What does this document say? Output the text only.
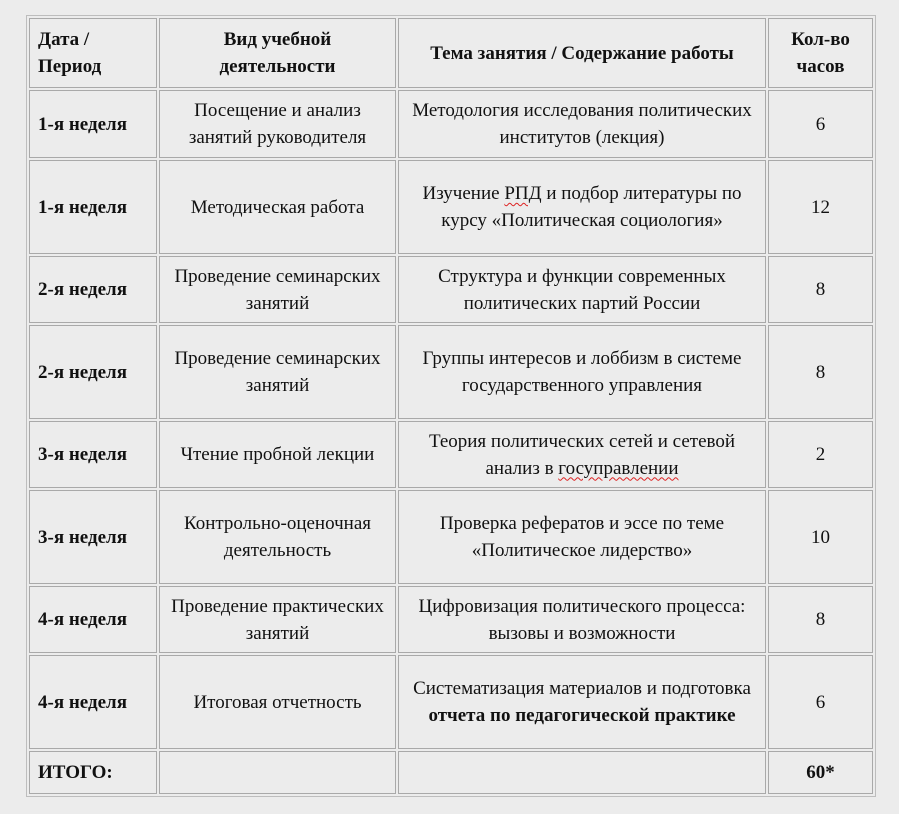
Дата / Период	Вид учебной деятельности	Тема занятия / Содержание работы	Кол-во часов
1-я неделя	Посещение и анализ занятий руководителя	Методология исследования политических институтов (лекция)	6
1-я неделя	Методическая работа	Изучение РПД и подбор литературы по курсу «Политическая социология»	12
2-я неделя	Проведение семинарских занятий	Структура и функции современных политических партий России	8
2-я неделя	Проведение семинарских занятий	Группы интересов и лоббизм в системе государственного управления	8
3-я неделя	Чтение пробной лекции	Теория политических сетей и сетевой анализ в госуправлении	2
3-я неделя	Контрольно-оценочная деятельность	Проверка рефератов и эссе по теме «Политическое лидерство»	10
4-я неделя	Проведение практических занятий	Цифровизация политического процесса: вызовы и возможности	8
4-я неделя	Итоговая отчетность	Систематизация материалов и подготовка отчета по педагогической практике	6
ИТОГО:			60*
